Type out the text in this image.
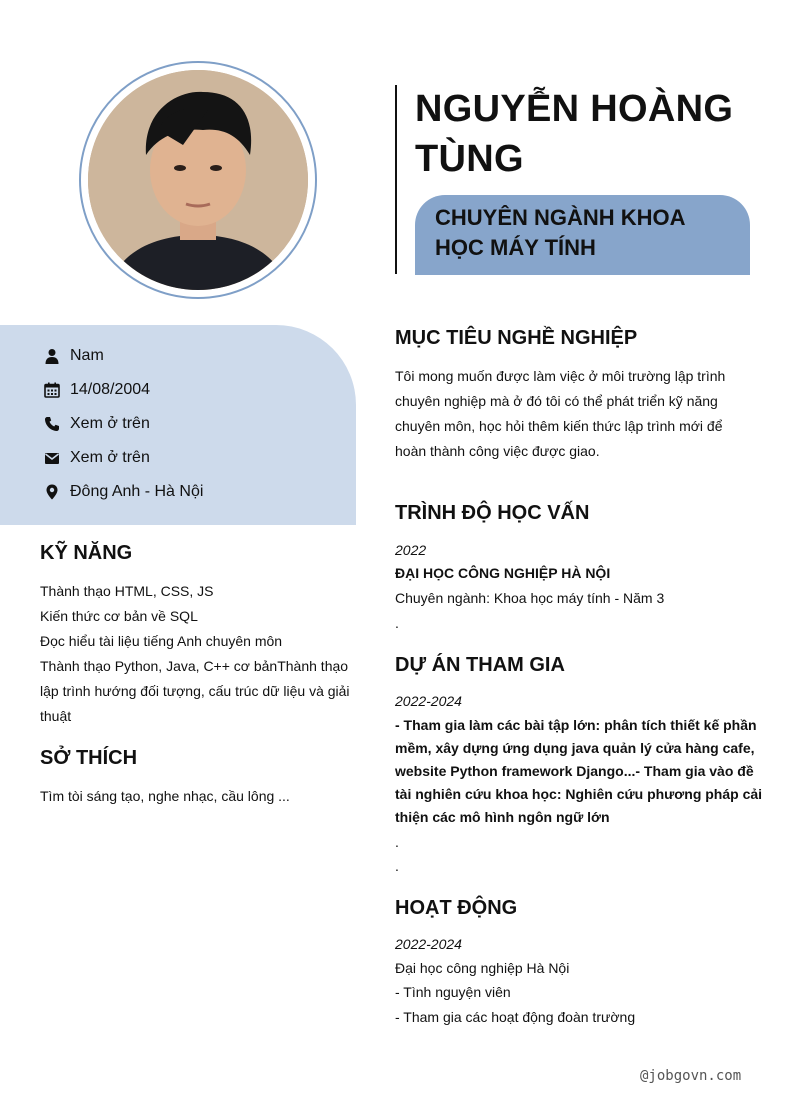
Nam
14/08/2004
Xem ở trên
Xem ở trên
Đông Anh - Hà Nội
KỸ NĂNG
Thành thạo HTML, CSS, JS
Kiến thức cơ bản về SQL
Đọc hiểu tài liệu tiếng Anh chuyên môn
Thành thạo Python, Java, C++ cơ bảnThành thạo
lập trình hướng đối tượng, cấu trúc dữ liệu và giải
thuật
SỞ THÍCH
Tìm tòi sáng tạo, nghe nhạc, cầu lông ...
NGUYỄN HOÀNG
TÙNG
CHUYÊN NGÀNH KHOA
HỌC MÁY TÍNH
MỤC TIÊU NGHỀ NGHIỆP
Tôi mong muốn được làm việc ở môi trường lập trình
chuyên nghiệp mà ở đó tôi có thể phát triển kỹ năng
chuyên môn, học hỏi thêm kiến thức lập trình mới để
hoàn thành công việc được giao.
TRÌNH ĐỘ HỌC VẤN
2022
ĐẠI HỌC CÔNG NGHIỆP HÀ NỘI
Chuyên ngành: Khoa học máy tính - Năm 3
.
DỰ ÁN THAM GIA
2022-2024
- Tham gia làm các bài tập lớn: phân tích thiết kế phần
mềm, xây dựng ứng dụng java quản lý cửa hàng cafe,
website Python framework Django...- Tham gia vào đề
tài nghiên cứu khoa học: Nghiên cứu phương pháp cải
thiện các mô hình ngôn ngữ lớn
.
.
HOẠT ĐỘNG
2022-2024
Đại học công nghiệp Hà Nội
- Tình nguyện viên
- Tham gia các hoạt động đoàn trường
@jobgovn.com
